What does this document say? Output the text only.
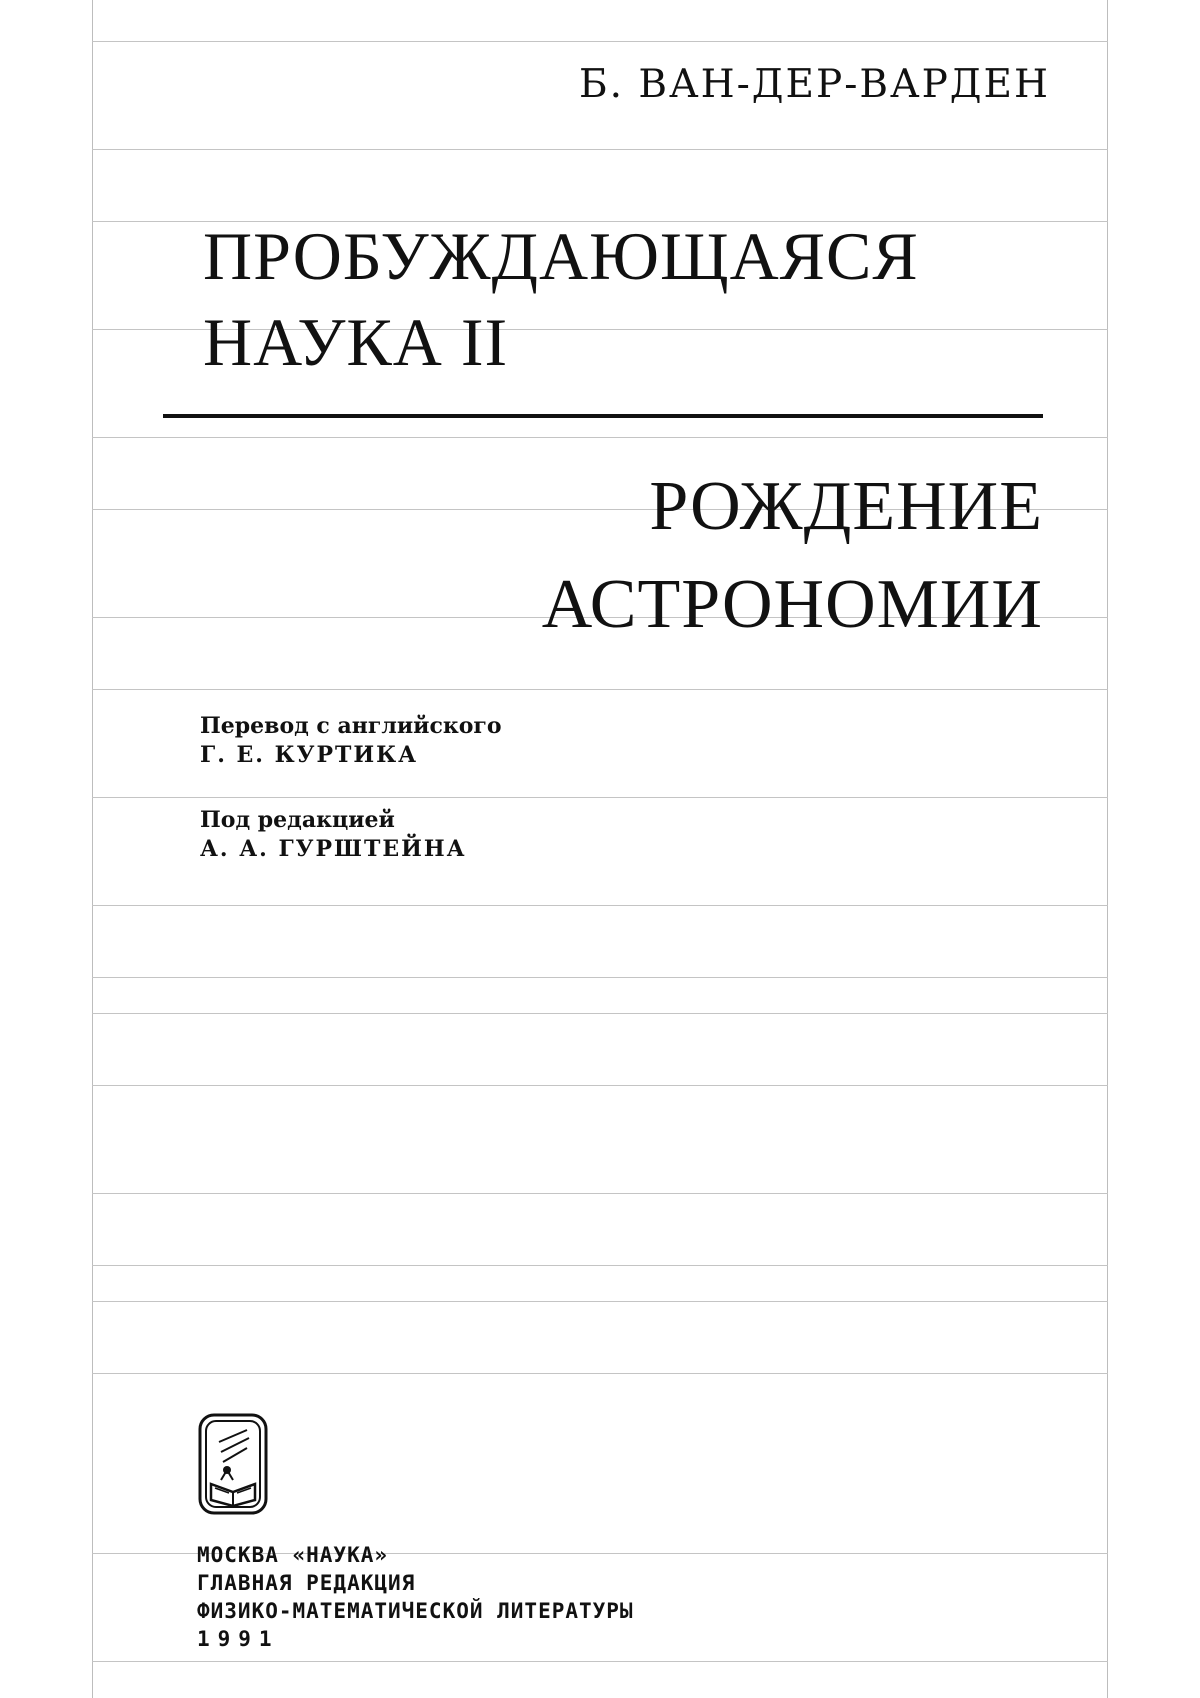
Б. ВАН-ДЕР-ВАРДЕН
ПРОБУЖДАЮЩАЯСЯ
НАУКА II
РОЖДЕНИЕ
АСТРОНОМИИ
Перевод с английского
Г. Е. КУРТИКА
Под редакцией
А. А. ГУРШТЕЙНА
МОСКВА «НАУКА»
ГЛАВНАЯ РЕДАКЦИЯ
ФИЗИКО-МАТЕМАТИЧЕСКОЙ ЛИТЕРАТУРЫ
1991
